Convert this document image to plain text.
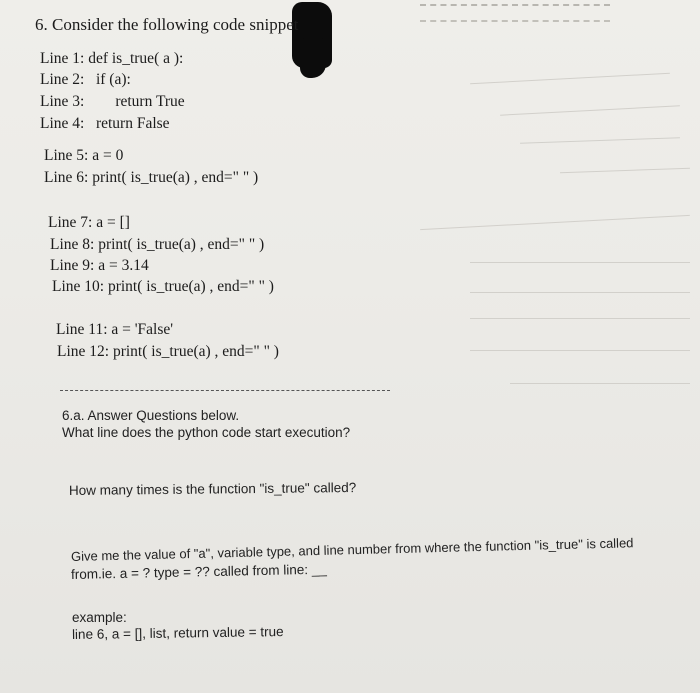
6. Consider the following code snippet
Line 1: def is_true( a ):
Line 2:   if (a):
Line 3:        return True
Line 4:   return False
Line 5: a = 0
Line 6: print( is_true(a) , end=" " )
Line 7: a = []
Line 8: print( is_true(a) , end=" " )
Line 9: a = 3.14
Line 10: print( is_true(a) , end=" " )
Line 11: a = 'False'
Line 12: print( is_true(a) , end=" " )
6.a. Answer Questions below.
What line does the python code start execution?
How many times is the function "is_true" called?
Give me the value of "a", variable type, and line number from where the function "is_true" is called
from.ie. a = ? type = ?? called from line: __
example:
line 6, a = [], list, return value = true
